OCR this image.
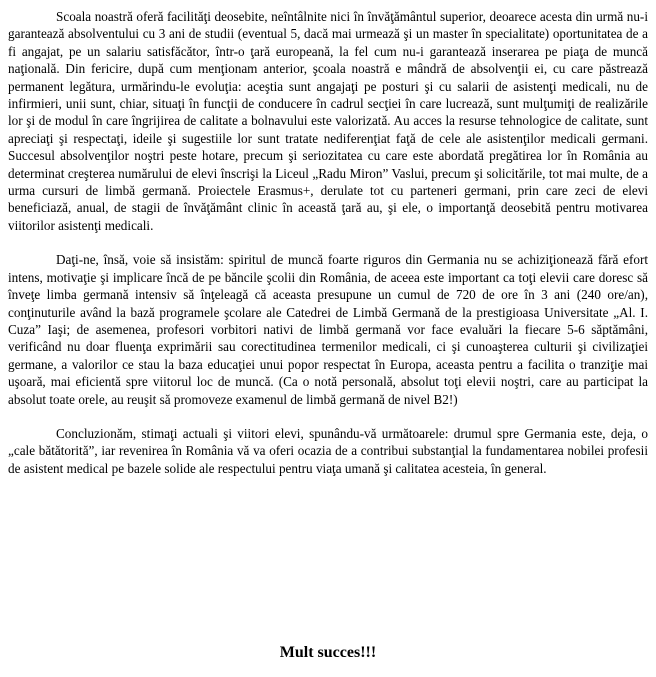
Scoala noastră oferă facilităţi deosebite, neîntâlnite nici în învăţământul superior, deoarece acesta din urmă nu-i garantează absolventului cu 3 ani de studii (eventual 5, dacă mai urmează şi un master în specialitate) oportunitatea de a fi angajat, pe un salariu satisfăcător, într-o ţară europeană, la fel cum nu-i garantează inserarea pe piaţa de muncă naţională. Din fericire, după cum menţionam anterior, şcoala noastră e mândră de absolvenţii ei, cu care păstrează permanent legătura, urmărindu-le evoluţia: aceştia sunt angajaţi pe posturi şi cu salarii de asistenţi medicali, nu de infirmieri, unii sunt, chiar, situaţi în funcţii de conducere în cadrul secţiei în care lucrează, sunt mulţumiţi de realizările lor şi de modul în care îngrijirea de calitate a bolnavului este valorizată. Au acces la resurse tehnologice de calitate, sunt apreciaţi şi respectaţi, ideile şi sugestiile lor sunt tratate nediferenţiat faţă de cele ale asistenţilor medicali germani. Succesul absolvenţilor noştri peste hotare, precum şi seriozitatea cu care este abordată pregătirea lor în România au determinat creşterea numărului de elevi înscrişi la Liceul „Radu Miron” Vaslui, precum şi solicitările, tot mai multe, de a urma cursuri de limbă germană. Proiectele Erasmus+, derulate tot cu parteneri germani, prin care zeci de elevi beneficiază, anual, de stagii de învăţământ clinic în această ţară au, şi ele, o importanţă deosebită pentru motivarea viitorilor asistenţi medicali.

Daţi-ne, însă, voie să insistăm: spiritul de muncă foarte riguros din Germania nu se achiziţionează fără efort intens, motivaţie şi implicare încă de pe băncile şcolii din România, de aceea este important ca toţi elevii care doresc să înveţe limba germană intensiv să înţeleagă că aceasta presupune un cumul de 720 de ore în 3 ani (240 ore/an), conţinuturile având la bază programele şcolare ale Catedrei de Limbă Germană de la prestigioasa Universitate „Al. I. Cuza” Iaşi; de asemenea, profesori vorbitori nativi de limbă germană vor face evaluări la fiecare 5-6 săptămâni, verificând nu doar fluenţa exprimării sau corectitudinea termenilor medicali, ci şi cunoaşterea culturii şi civilizaţiei germane, a valorilor ce stau la baza educaţiei unui popor respectat în Europa, aceasta pentru a facilita o tranziţie mai uşoară, mai eficientă spre viitorul loc de muncă. (Ca o notă personală, absolut toţi elevii noştri, care au participat la absolut toate orele, au reuşit să promoveze examenul de limbă germană de nivel B2!)

Concluzionăm, stimaţi actuali şi viitori elevi, spunându-vă următoarele: drumul spre Germania este, deja, o „cale bătătorită”, iar revenirea în România vă va oferi ocazia de a contribui substanţial la fundamentarea nobilei profesii de asistent medical pe bazele solide ale respectului pentru viaţa umană şi calitatea acesteia, în general.

Mult succes!!!
